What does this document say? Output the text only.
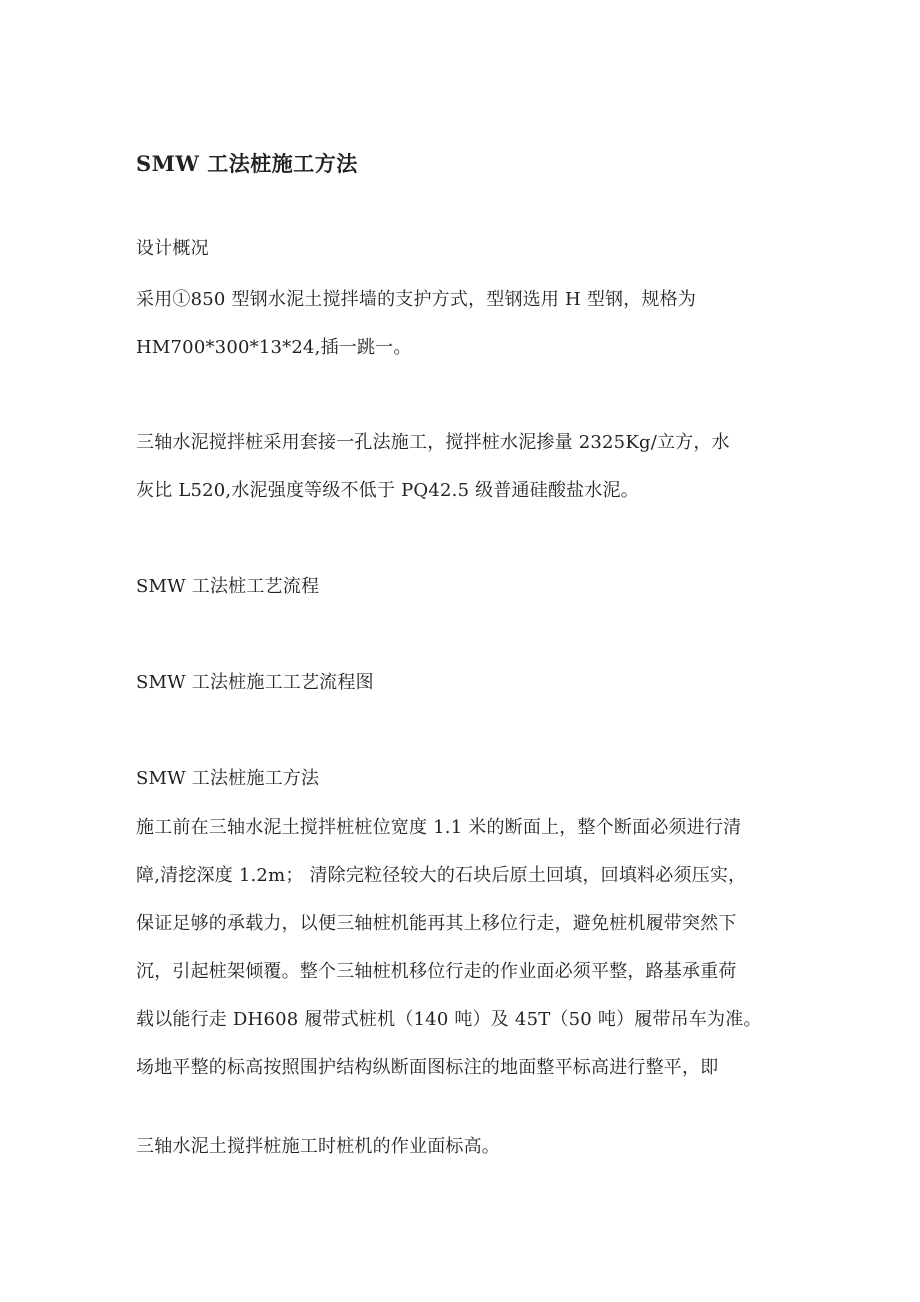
SMW 工法桩施工方法
设计概况
采用①850 型钢水泥土搅拌墙的支护方式，型钢选用 H 型钢，规格为
HM700*300*13*24,插一跳一。
三轴水泥搅拌桩采用套接一孔法施工，搅拌桩水泥掺量 2325Kg/立方，水
灰比 L520,水泥强度等级不低于 PQ42.5 级普通硅酸盐水泥。
SMW 工法桩工艺流程
SMW 工法桩施工工艺流程图
SMW 工法桩施工方法
施工前在三轴水泥土搅拌桩桩位宽度 1.1 米的断面上，整个断面必须进行清
障,清挖深度 1.2m； 清除完粒径较大的石块后原土回填，回填料必须压实，
保证足够的承载力，以便三轴桩机能再其上移位行走，避免桩机履带突然下
沉，引起桩架倾覆。整个三轴桩机移位行走的作业面必须平整，路基承重荷
载以能行走 DH608 履带式桩机（140 吨）及 45T（50 吨）履带吊车为准。
场地平整的标高按照围护结构纵断面图标注的地面整平标高进行整平，即
三轴水泥土搅拌桩施工时桩机的作业面标高。
